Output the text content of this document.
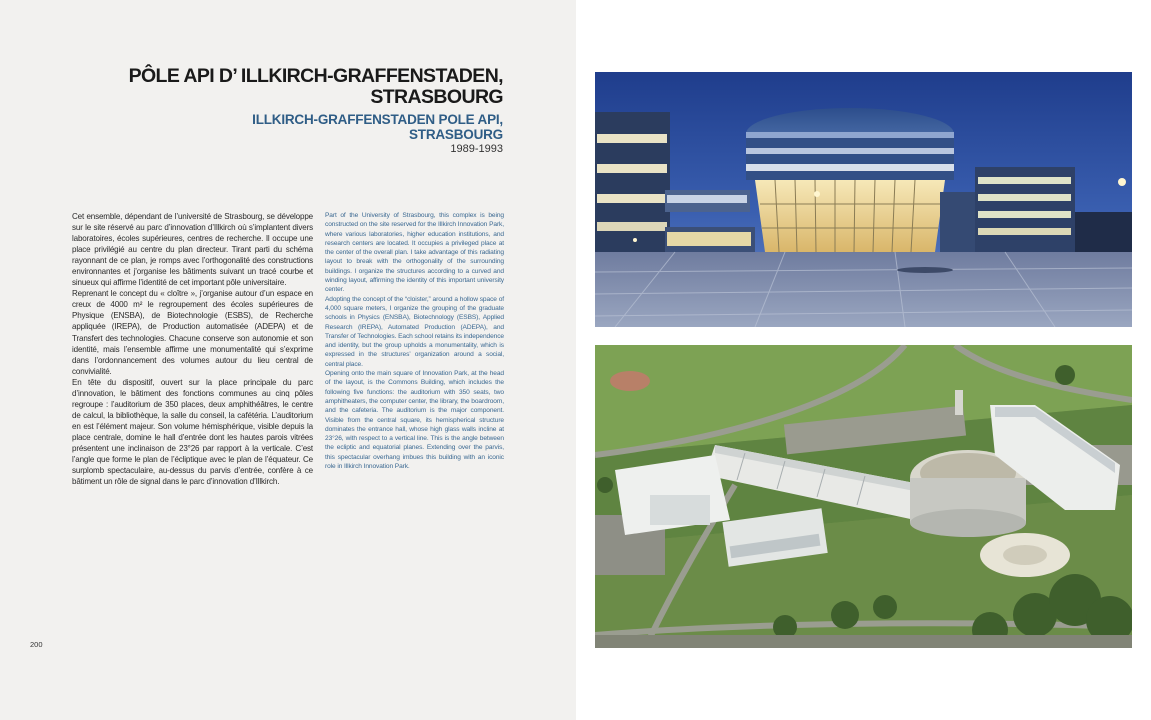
PÔLE API D’ ILLKIRCH-GRAFFENSTADEN,
STRASBOURG
ILLKIRCH-GRAFFENSTADEN POLE API,
STRASBOURG
1989-1993

Cet ensemble, dépendant de l’université de Strasbourg, se développe sur le site réservé au parc d’innovation d’Illkirch où s’implantent divers laboratoires, écoles supérieures, centres de recherche. Il occupe une place privilégié au centre du plan directeur. Tirant parti du schéma rayonnant de ce plan, je romps avec l’orthogonalité des constructions environnantes et j’organise les bâtiments suivant un tracé courbe et sinueux qui affirme l’identité de cet important pôle universitaire.

Reprenant le concept du « cloître », j’organise autour d’un espace en creux de 4000 m² le regroupement des écoles supérieures de Physique (ENSBA), de Biotechnologie (ESBS), de Recherche appliquée (IREPA), de Production automatisée (ADEPA) et de Transfert des technologies. Chacune conserve son autonomie et son identité, mais l’ensemble affirme une monumentalité qui s’exprime dans l’ordonnancement des volumes autour du lieu central de convivialité.

En tête du dispositif, ouvert sur la place principale du parc d’innovation, le bâtiment des fonctions communes au cinq pôles regroupe : l’auditorium de 350 places, deux amphithéâtres, le centre de calcul, la bibliothèque, la salle du conseil, la cafétéria. L’auditorium en est l’élément majeur. Son volume hémisphérique, visible depuis la place centrale, domine le hall d’entrée dont les hautes parois vitrées présentent une inclinaison de 23°26 par rapport à la verticale. C’est l’angle que forme le plan de l’écliptique avec le plan de l’équateur. Ce surplomb spectaculaire, au-dessus du parvis d’entrée, confère à ce bâtiment un rôle de signal dans le parc d’innovation d’Illkirch.

Part of the University of Strasbourg, this complex is being constructed on the site reserved for the Illkirch Innovation Park, where various laboratories, higher education institutions, and research centers are located. It occupies a privileged place at the center of the overall plan. I take advantage of this radiating layout to break with the orthogonality of the surrounding buildings. I organize the structures according to a curved and winding layout, affirming the identity of this important university center.

Adopting the concept of the “cloister,” around a hollow space of 4,000 square meters, I organize the grouping of the graduate schools in Physics (ENSBA), Biotechnology (ESBS), Applied Research (IREPA), Automated Production (ADEPA), and Transfer of Technologies. Each school retains its independence and identity, but the group upholds a monumentality, which is expressed in the structures’ organization around a social, central place.

Opening onto the main square of Innovation Park, at the head of the layout, is the Commons Building, which includes the following five functions: the auditorium with 350 seats, two amphitheaters, the computer center, the library, the boardroom, and the cafeteria. The auditorium is the major component. Visible from the central square, its hemispherical structure dominates the entrance hall, whose high glass walls incline at 23°26, with respect to a vertical line. This is the angle between the ecliptic and equatorial planes. Extending over the parvis, this spectacular overhang imbues this building with an iconic role in Illkirch Innovation Park.

200
